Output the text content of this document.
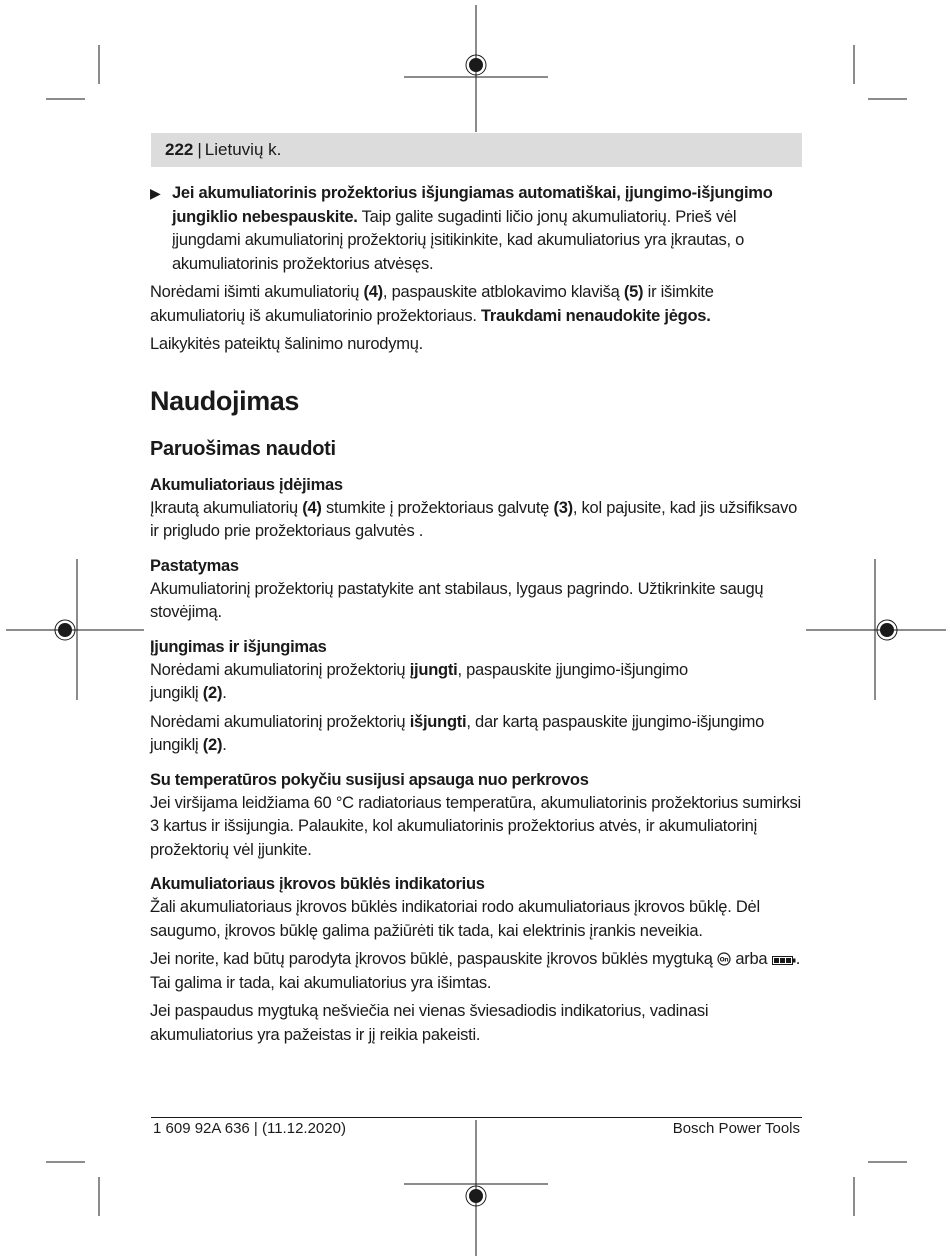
222 | Lietuvių k.

▶ Jei akumuliatorinis prožektorius išjungiamas automatiškai, įjungimo-išjungimo jungiklio nebespauskite. Taip galite sugadinti ličio jonų akumuliatorių. Prieš vėl įjungdami akumuliatorinį prožektorių įsitikinkite, kad akumuliatorius yra įkrautas, o akumuliatorinis prožektorius atvėsęs.

Norėdami išimti akumuliatorių (4), paspauskite atblokavimo klavišą (5) ir išimkite akumuliatorių iš akumuliatorinio prožektoriaus. Traukdami nenaudokite jėgos.

Laikykitės pateiktų šalinimo nurodymų.

Naudojimas
Paruošimas naudoti
Akumuliatoriaus įdėjimas

Įkrautą akumuliatorių (4) stumkite į prožektoriaus galvutę (3), kol pajusite, kad jis užsifiksavo ir prigludo prie prožektoriaus galvutės .

Pastatymas

Akumuliatorinį prožektorių pastatykite ant stabilaus, lygaus pagrindo. Užtikrinkite saugų stovėjimą.

Įjungimas ir išjungimas

Norėdami akumuliatorinį prožektorių įjungti, paspauskite įjungimo-išjungimo jungiklį (2).

Norėdami akumuliatorinį prožektorių išjungti, dar kartą paspauskite įjungimo-išjungimo jungiklį (2).

Su temperatūros pokyčiu susijusi apsauga nuo perkrovos

Jei viršijama leidžiama 60 °C radiatoriaus temperatūra, akumuliatorinis prožektorius sumirksi 3 kartus ir išsijungia. Palaukite, kol akumuliatorinis prožektorius atvės, ir akumuliatorinį prožektorių vėl įjunkite.

Akumuliatoriaus įkrovos būklės indikatorius

Žali akumuliatoriaus įkrovos būklės indikatoriai rodo akumuliatoriaus įkrovos būklę. Dėl saugumo, įkrovos būklę galima pažiūrėti tik tada, kai elektrinis įrankis neveikia.

Jei norite, kad būtų parodyta įkrovos būklė, paspauskite įkrovos būklės mygtuką On arba . Tai galima ir tada, kai akumuliatorius yra išimtas.

Jei paspaudus mygtuką nešviečia nei vienas šviesadiodis indikatorius, vadinasi akumuliatorius yra pažeistas ir jį reikia pakeisti.

1 609 92A 636 | (11.12.2020)	Bosch Power Tools
